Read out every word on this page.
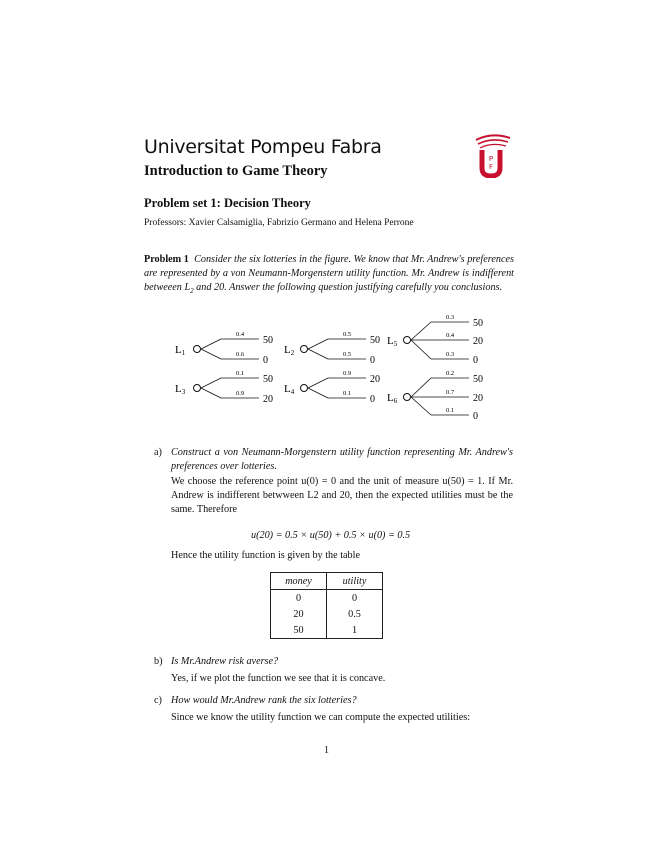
Universitat Pompeu Fabra
Introduction to Game Theory
Problem set 1: Decision Theory
Professors: Xavier Calsamiglia, Fabrizio Germano and Helena Perrone
P
F
Problem 1 Consider the six lotteries in the figure. We know that Mr. Andrew's preferences are represented by a von Neumann-Morgenstern utility function. Mr. Andrew is indifferent betweeen $L_2$ and 20. Answer the following question justifying carefully you conclusions.
L1
0.4
50
0.6
0
L2
0.5
50
0.5
0
L5
0.3
50
0.4
20
0.3
0
L3
0.1
50
0.9
20
L4
0.9
20
0.1
0 L6
0.2
50
0.7
20
0.1
0
a) Construct a von Neumann-Morgenstern utility function representing Mr. Andrew's preferences over lotteries.
We choose the reference point u(0) = 0 and the unit of measure u(50) = 1. If Mr. Andrew is indifferent betwween L2 and 20, then the expected utilities must be the same. Therefore
u(20) = 0.5 × u(50) + 0.5 × u(0) = 0.5
Hence the utility function is given by the table
money	utility
0	0
20	0.5
50	1
b) Is Mr.Andrew risk averse?
Yes, if we plot the function we see that it is concave.
c) How would Mr.Andrew rank the six lotteries?
Since we know the utility function we can compute the expected utilities:
1
